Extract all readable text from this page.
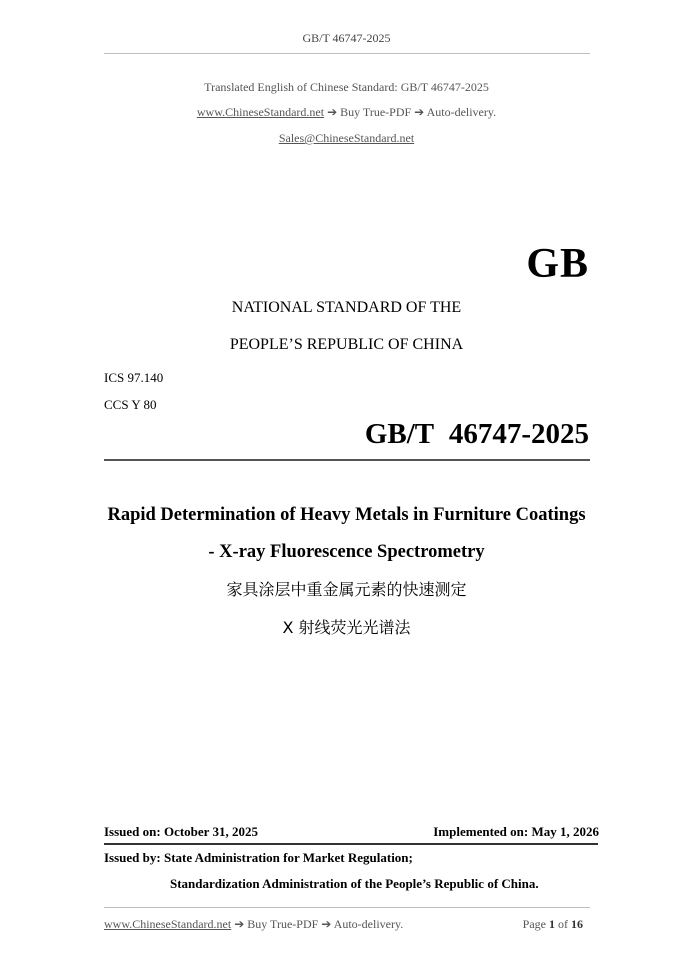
GB/T 46747-2025
Translated English of Chinese Standard: GB/T 46747-2025
www.ChineseStandard.net ➔ Buy True-PDF ➔ Auto-delivery.
Sales@ChineseStandard.net
GB
NATIONAL STANDARD OF THE
PEOPLE’S REPUBLIC OF CHINA
ICS 97.140
CCS Y 80
GB/T 46747-2025
Rapid Determination of Heavy Metals in Furniture Coatings
- X-ray Fluorescence Spectrometry
家具涂层中重金属元素的快速测定
X 射线荧光光谱法
Issued on: October 31, 2025	Implemented on: May 1, 2026
Issued by: State Administration for Market Regulation;
Standardization Administration of the People’s Republic of China.
www.ChineseStandard.net ➔ Buy True-PDF ➔ Auto-delivery.	Page 1 of 16
